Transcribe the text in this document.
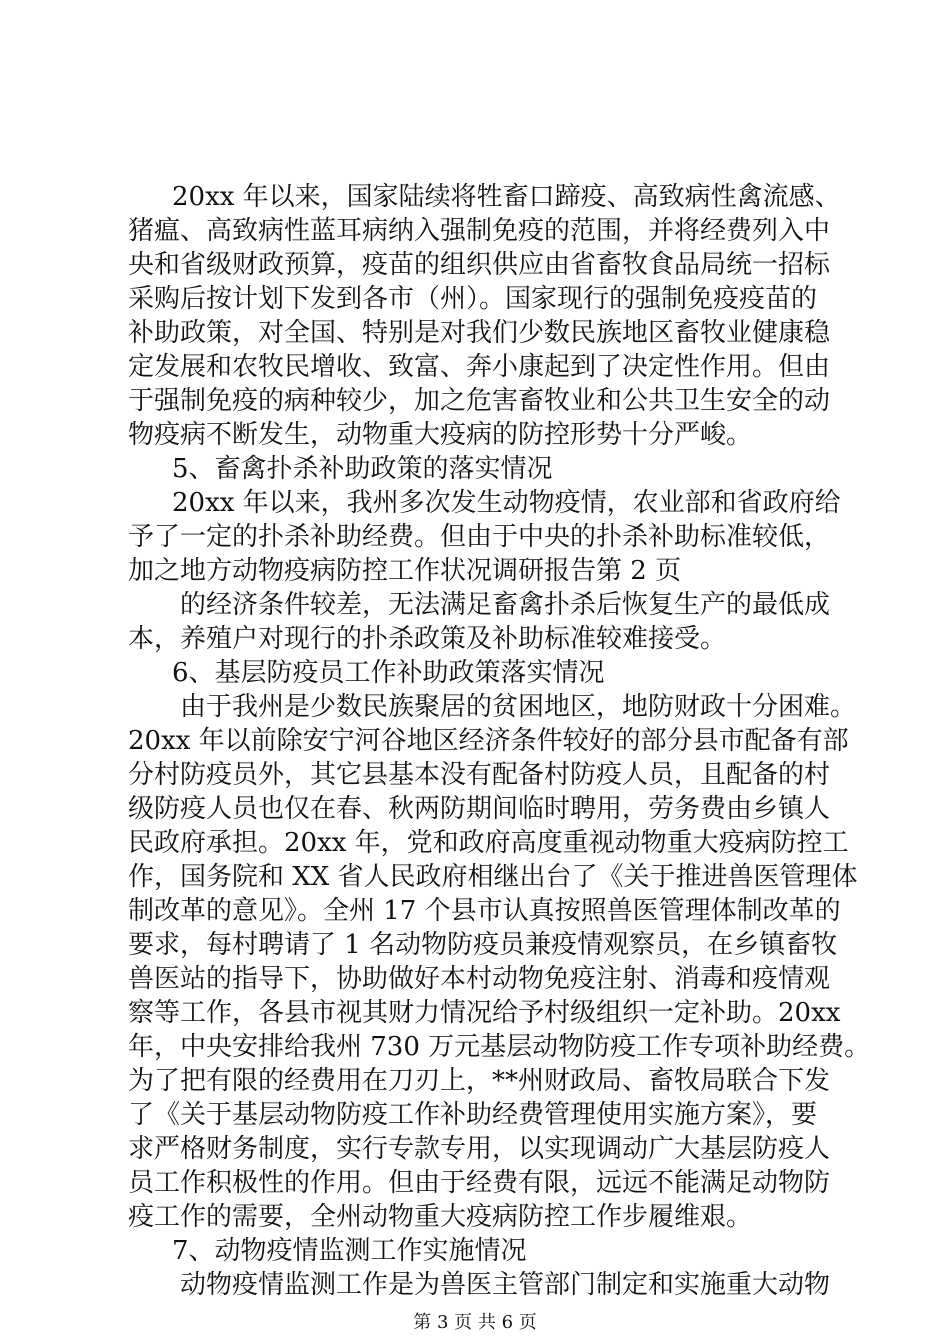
20xx 年以来，国家陆续将牲畜口蹄疫、高致病性禽流感、
猪瘟、高致病性蓝耳病纳入强制免疫的范围，并将经费列入中
央和省级财政预算，疫苗的组织供应由省畜牧食品局统一招标
采购后按计划下发到各市（州）。国家现行的强制免疫疫苗的
补助政策，对全国、特别是对我们少数民族地区畜牧业健康稳
定发展和农牧民增收、致富、奔小康起到了决定性作用。但由
于强制免疫的病种较少，加之危害畜牧业和公共卫生安全的动
物疫病不断发生，动物重大疫病的防控形势十分严峻。
5、畜禽扑杀补助政策的落实情况
20xx 年以来，我州多次发生动物疫情，农业部和省政府给
予了一定的扑杀补助经费。但由于中央的扑杀补助标准较低，
加之地方动物疫病防控工作状况调研报告第 2 页
的经济条件较差，无法满足畜禽扑杀后恢复生产的最低成
本，养殖户对现行的扑杀政策及补助标准较难接受。
6、基层防疫员工作补助政策落实情况
由于我州是少数民族聚居的贫困地区，地防财政十分困难。
20xx 年以前除安宁河谷地区经济条件较好的部分县市配备有部
分村防疫员外，其它县基本没有配备村防疫人员，且配备的村
级防疫人员也仅在春、秋两防期间临时聘用，劳务费由乡镇人
民政府承担。20xx 年，党和政府高度重视动物重大疫病防控工
作，国务院和 XX 省人民政府相继出台了《关于推进兽医管理体
制改革的意见》。全州 17 个县市认真按照兽医管理体制改革的
要求，每村聘请了 1 名动物防疫员兼疫情观察员，在乡镇畜牧
兽医站的指导下，协助做好本村动物免疫注射、消毒和疫情观
察等工作，各县市视其财力情况给予村级组织一定补助。20xx
年，中央安排给我州 730 万元基层动物防疫工作专项补助经费。
为了把有限的经费用在刀刃上，**州财政局、畜牧局联合下发
了《关于基层动物防疫工作补助经费管理使用实施方案》，要
求严格财务制度，实行专款专用，以实现调动广大基层防疫人
员工作积极性的作用。但由于经费有限，远远不能满足动物防
疫工作的需要，全州动物重大疫病防控工作步履维艰。
7、动物疫情监测工作实施情况
动物疫情监测工作是为兽医主管部门制定和实施重大动物
第 3 页 共 6 页
